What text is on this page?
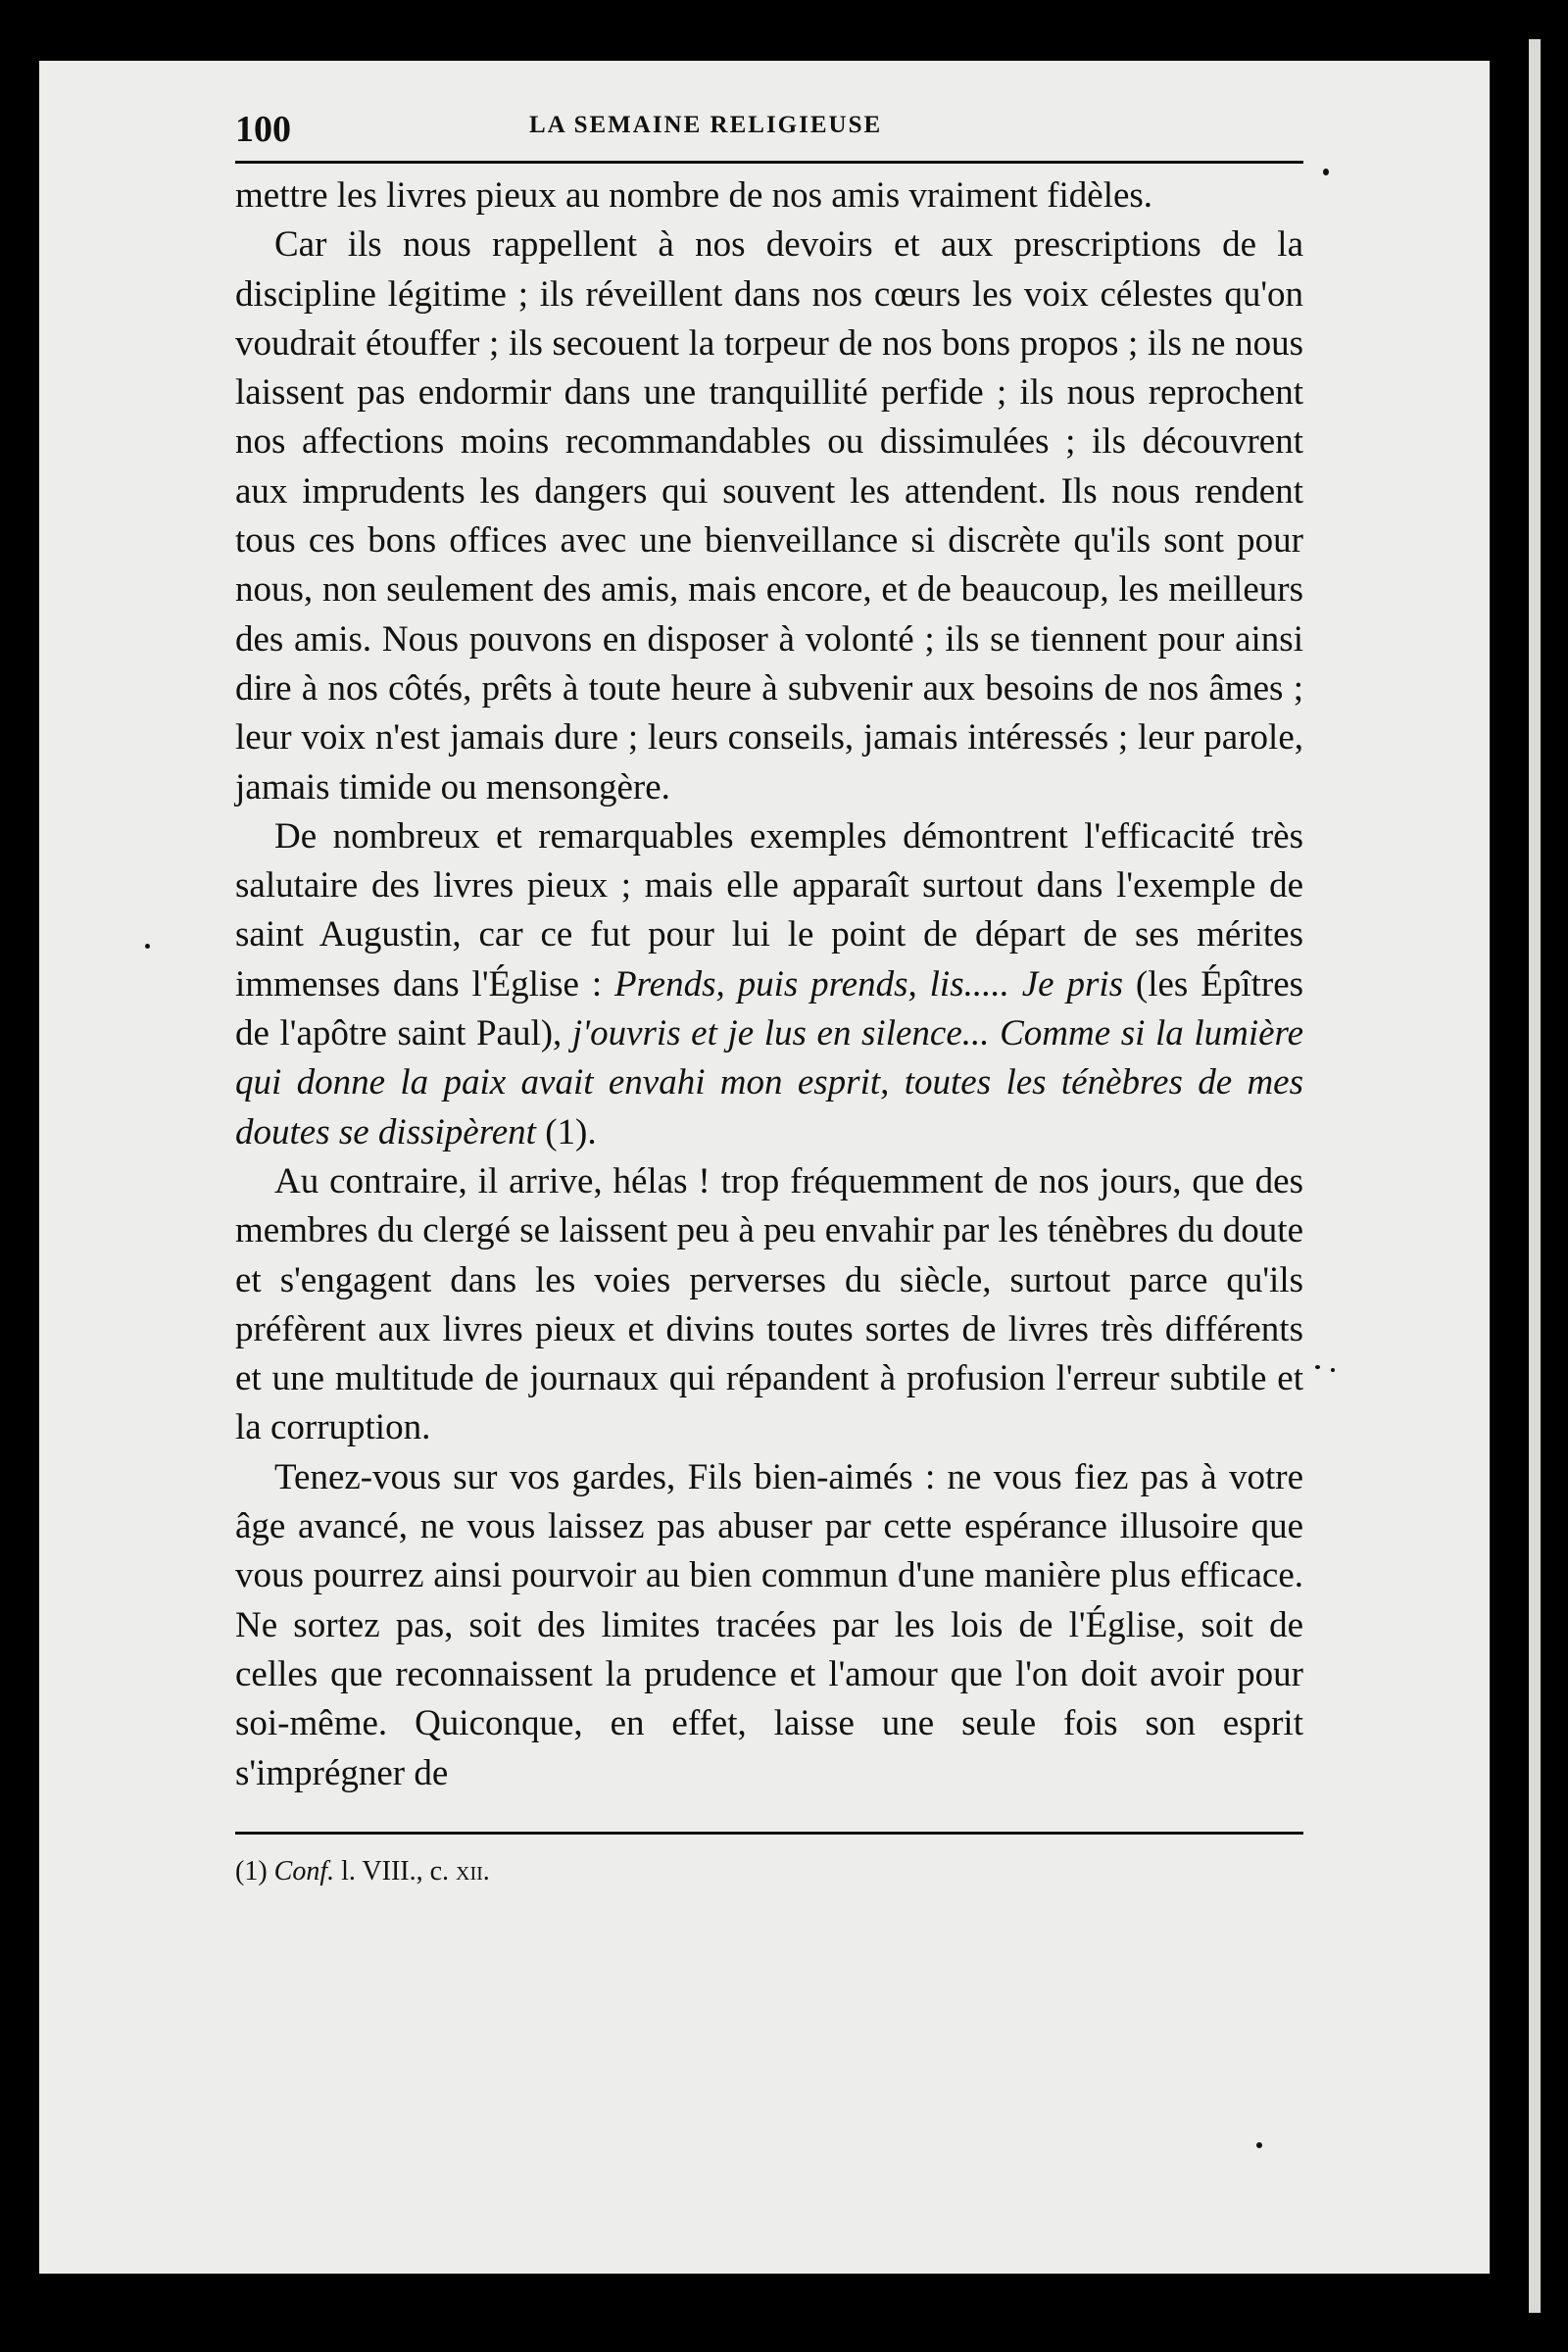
100	LA SEMAINE RELIGIEUSE

mettre les livres pieux au nombre de nos amis vraiment fidèles.

Car ils nous rappellent à nos devoirs et aux prescriptions de la discipline légitime ; ils réveillent dans nos cœurs les voix célestes qu'on voudrait étouffer ; ils secouent la torpeur de nos bons propos ; ils ne nous laissent pas endormir dans une tranquillité perfide ; ils nous reprochent nos affections moins recommandables ou dissimulées ; ils découvrent aux imprudents les dangers qui souvent les attendent. Ils nous rendent tous ces bons offices avec une bienveillance si discrète qu'ils sont pour nous, non seulement des amis, mais encore, et de beaucoup, les meilleurs des amis. Nous pouvons en disposer à volonté ; ils se tiennent pour ainsi dire à nos côtés, prêts à toute heure à subvenir aux besoins de nos âmes ; leur voix n'est jamais dure ; leurs conseils, jamais intéressés ; leur parole, jamais timide ou mensongère.

De nombreux et remarquables exemples démontrent l'efficacité très salutaire des livres pieux ; mais elle apparaît surtout dans l'exemple de saint Augustin, car ce fut pour lui le point de départ de ses mérites immenses dans l'Église : Prends, puis prends, lis..... Je pris (les Épîtres de l'apôtre saint Paul), j'ouvris et je lus en silence... Comme si la lumière qui donne la paix avait envahi mon esprit, toutes les ténèbres de mes doutes se dissipèrent (1).

Au contraire, il arrive, hélas ! trop fréquemment de nos jours, que des membres du clergé se laissent peu à peu envahir par les ténèbres du doute et s'engagent dans les voies perverses du siècle, surtout parce qu'ils préfèrent aux livres pieux et divins toutes sortes de livres très différents et une multitude de journaux qui répandent à profusion l'erreur subtile et la corruption.

Tenez-vous sur vos gardes, Fils bien-aimés : ne vous fiez pas à votre âge avancé, ne vous laissez pas abuser par cette espérance illusoire que vous pourrez ainsi pourvoir au bien commun d'une manière plus efficace. Ne sortez pas, soit des limites tracées par les lois de l'Église, soit de celles que reconnaissent la prudence et l'amour que l'on doit avoir pour soi-même. Quiconque, en effet, laisse une seule fois son esprit s'imprégner de

(1) Conf. l. VIII., c. xii.
